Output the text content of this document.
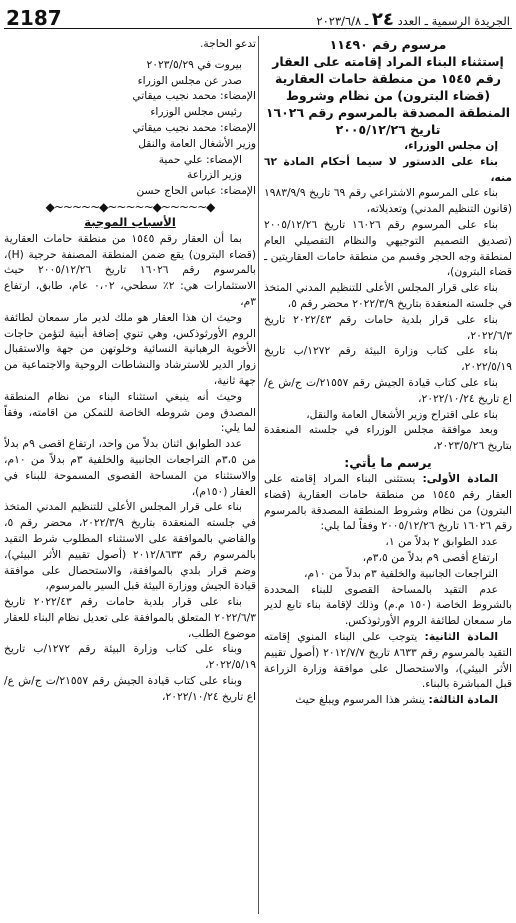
2187	الجريدة الرسمية ـ العدد ٢٤ ـ ٢٠٢٣/٦/٨

مرسوم رقم ١١٤٩٠

إستثناء البناء المراد إقامته على العقار رقم ١٥٤٥ من منطقة حامات العقارية (قضاء البترون) من نظام وشروط المنطقة المصدقة بالمرسوم رقم ١٦٠٢٦ تاريخ ٢٠٠٥/١٢/٢٦

إن مجلس الوزراء،

بناء على الدستور لا سيما أحكام المادة ٦٢ منه،

بناء على المرسوم الاشتراعي رقم ٦٩ تاريخ ١٩٨٣/٩/٩ (قانون التنظيم المدني) وتعديلاته،

بناء على المرسوم رقم ١٦٠٢٦ تاريخ ٢٠٠٥/١٢/٢٦ (تصديق التصميم التوجيهي والنظام التفصيلي العام لمنطقة وجه الحجر وقسم من منطقة حامات العقاريتين ـ قضاء البترون)،

بناء على قرار المجلس الأعلى للتنظيم المدني المتخذ في جلسته المنعقدة بتاريخ ٢٠٢٢/٣/٩ محضر رقم ٥،

بناء على قرار بلدية حامات رقم ٢٠٢٢/٤٣ تاريخ ٢٠٢٢/٦/٣،

بناء على كتاب وزارة البيئة رقم ١٢٧٢/ب تاريخ ٢٠٢٢/٥/١٩،

بناء على كتاب قيادة الجيش رقم ٢١٥٥٧/ت ج/ش ع/اع تاريخ ٢٠٢٢/١٠/٢٤،

بناء على اقتراح وزير الأشغال العامة والنقل،

وبعد موافقة مجلس الوزراء في جلسته المنعقدة بتاريخ ٢٠٢٣/٥/٢٦،

يرسم ما يأتي:

المادة الأولى: يستثنى البناء المراد إقامته على العقار رقم ١٥٤٥ من منطقة حامات العقارية (قضاء البترون) من نظام وشروط المنطقة المصدقة بالمرسوم رقم ١٦٠٢٦ تاريخ ٢٠٠٥/١٢/٢٦ وفقاً لما يلي:

عدد الطوابق ٢ بدلاً من ١،

ارتفاع أقصى ٩م بدلاً من ٣،٥م،

التراجعات الجانبية والخلفية ٣م بدلاً من ١٠م،

عدم التقيد بالمساحة القصوى للبناء المحددة بالشروط الخاصة (١٥٠ م.م) وذلك لإقامة بناء تابع لدير مار سمعان لطائفة الروم الأورثوذكس.

المادة الثانية: يتوجب على البناء المنوي إقامته التقيد بالمرسوم رقم ٨٦٣٣ تاريخ ٢٠١٢/٧/٧ (أصول تقييم الأثر البيئي)، والاستحصال على موافقة وزارة الزراعة قبل المباشرة بالبناء.

المادة الثالثة: ينشر هذا المرسوم ويبلغ حيث

تدعو الحاجة.

بيروت في ٢٠٢٣/٥/٢٩

صدر عن مجلس الوزراء

الإمضاء: محمد نجيب ميقاتي

رئيس مجلس الوزراء

الإمضاء: محمد نجيب ميقاتي

وزير الأشغال العامة والنقل

الإمضاء: علي حمية

وزير الزراعة

الإمضاء: عباس الحاج حسن

◆~~~~~◆~~~~~◆~~~~~◆

الأسباب الموجبة

بما أن العقار رقم ١٥٤٥ من منطقة حامات العقارية (قضاء البترون) يقع ضمن المنطقة المصنفة حرجية (H)، بالمرسوم رقم ١٦٠٢٦ تاريخ ٢٠٠٥/١٢/٢٦ حيث الاستثمارات هي: ٢٪ سطحي، ٠،٠٢ عام، طابق، ارتفاع ٣م،

وحيث ان هذا العقار هو ملك لدير مار سمعان لطائفة الروم الأورثوذكس، وهي تنوي إضافة أبنية لتؤمن حاجات الأخوية الرهبانية النسائية وخلوتهن من جهة والاستقبال زوار الدير للاسترشاد والنشاطات الروحية والاجتماعية من جهة ثانية،

وحيث أنه ينبغي استثناء البناء من نظام المنطقة المصدق ومن شروطه الخاصة للتمكن من اقامته، وفقاً لما يلي:

عدد الطوابق اثنان بدلاً من واحد، ارتفاع اقصى ٩م بدلاً من ٣،٥م التراجعات الجانبية والخلفية ٣م بدلاً من ١٠م، والاستثناء من المساحة القصوى المسموحة للبناء في العقار (١٥٠م)،

بناء على قرار المجلس الأعلى للتنظيم المدني المتخذ في جلسته المنعقدة بتاريخ ٢٠٢٢/٣/٩، محضر رقم ٥، والقاضي بالموافقة على الاستثناء المطلوب شرط التقيد بالمرسوم رقم ٢٠١٢/٨٦٣٣ (أصول تقييم الأثر البيئي)، وضم قرار بلدي بالموافقة، والاستحصال على موافقة قيادة الجيش ووزارة البيئة قبل السير بالمرسوم،

بناء على قرار بلدية حامات رقم ٢٠٢٢/٤٣ تاريخ ٢٠٢٢/٦/٣ المتعلق بالموافقة على تعديل نظام البناء للعقار موضوع الطلب،

وبناء على كتاب وزارة البيئة رقم ١٢٧٢/ب تاريخ ٢٠٢٢/٥/١٩،

وبناء على كتاب قيادة الجيش رقم ٢١٥٥٧/ت ج/ش ع/اع تاريخ ٢٠٢٢/١٠/٢٤،
